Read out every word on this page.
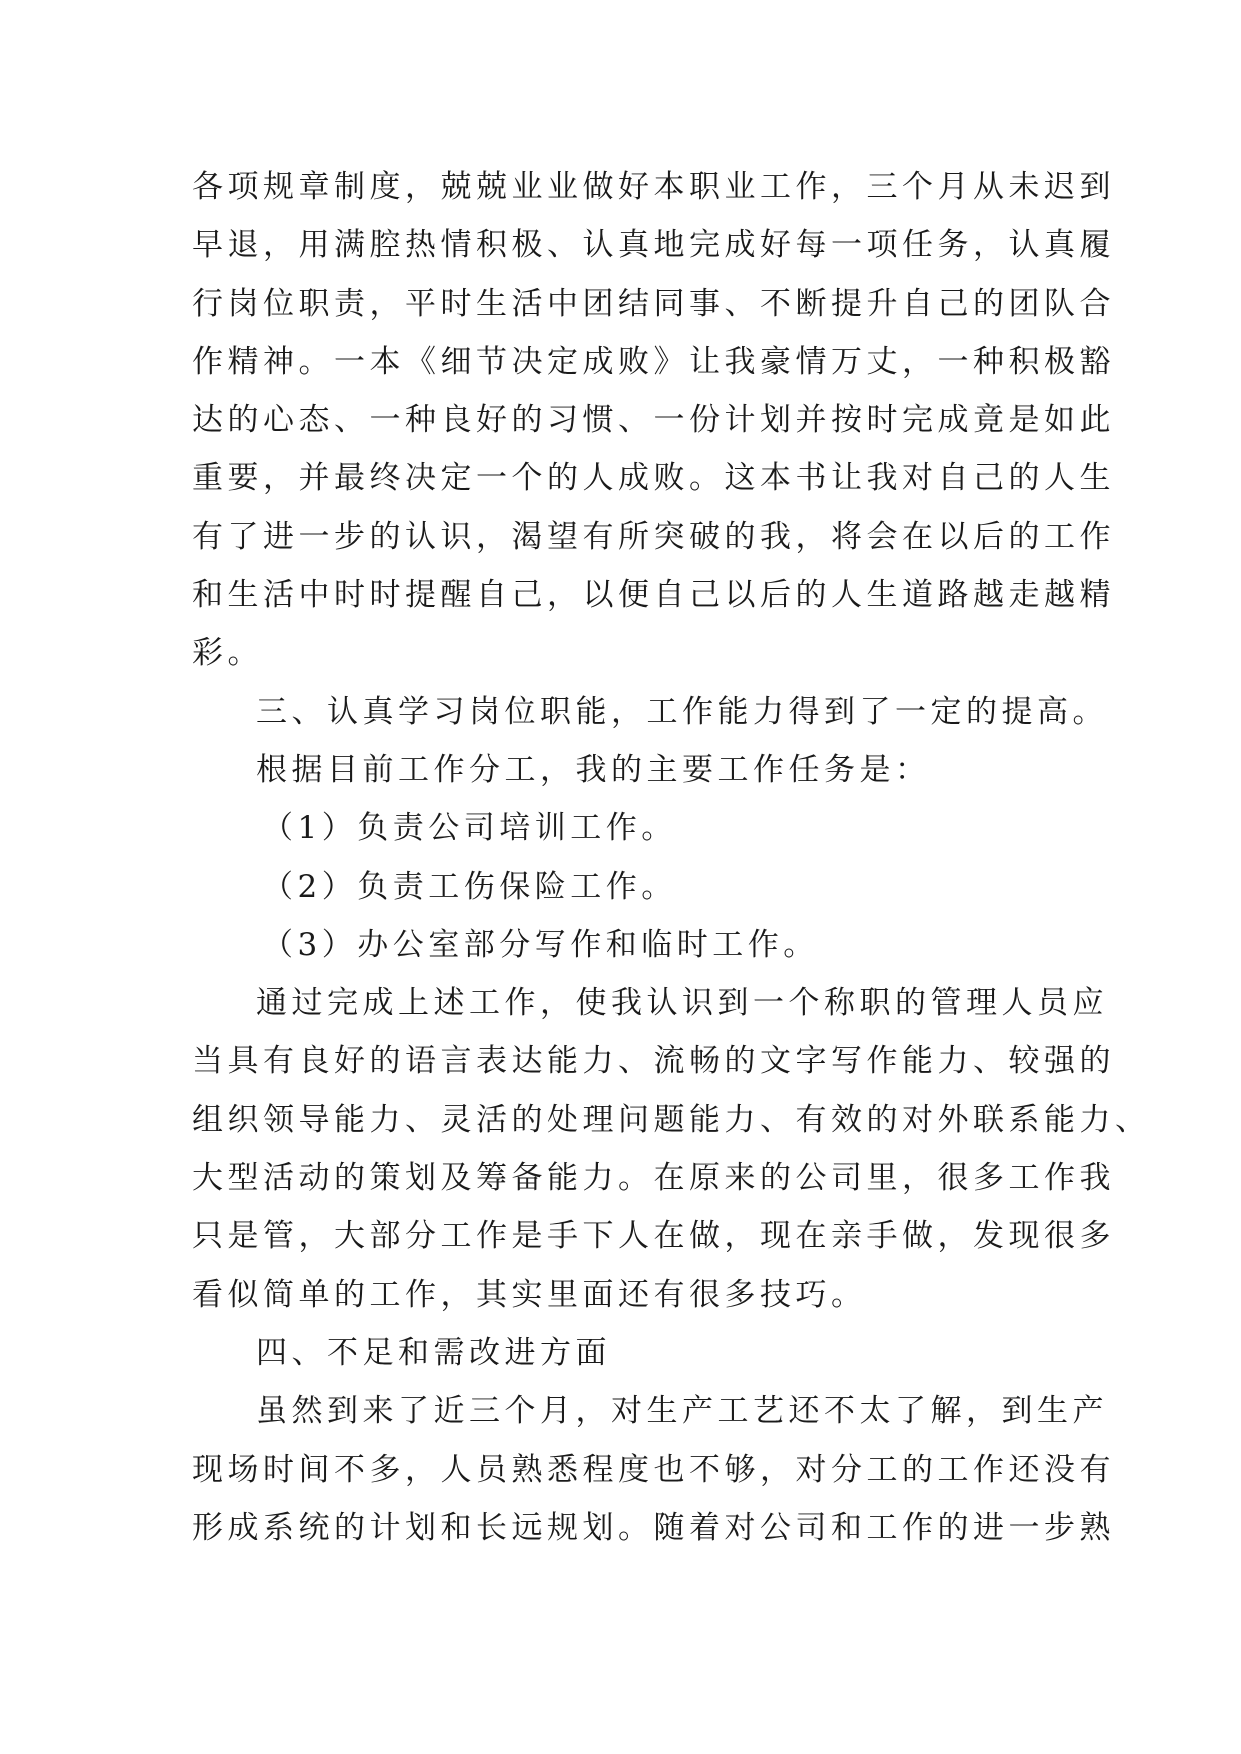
各项规章制度，兢兢业业做好本职业工作，三个月从未迟到

早退，用满腔热情积极、认真地完成好每一项任务，认真履

行岗位职责，平时生活中团结同事、不断提升自己的团队合

作精神。一本《细节决定成败》让我豪情万丈，一种积极豁

达的心态、一种良好的习惯、一份计划并按时完成竟是如此

重要，并最终决定一个的人成败。这本书让我对自己的人生

有了进一步的认识，渴望有所突破的我，将会在以后的工作

和生活中时时提醒自己，以便自己以后的人生道路越走越精

彩。

三、认真学习岗位职能，工作能力得到了一定的提高。

根据目前工作分工，我的主要工作任务是：

（1）负责公司培训工作。

（2）负责工伤保险工作。

（3）办公室部分写作和临时工作。

通过完成上述工作，使我认识到一个称职的管理人员应

当具有良好的语言表达能力、流畅的文字写作能力、较强的

组织领导能力、灵活的处理问题能力、有效的对外联系能力、

大型活动的策划及筹备能力。在原来的公司里，很多工作我

只是管，大部分工作是手下人在做，现在亲手做，发现很多

看似简单的工作，其实里面还有很多技巧。

四、不足和需改进方面

虽然到来了近三个月，对生产工艺还不太了解，到生产

现场时间不多，人员熟悉程度也不够，对分工的工作还没有

形成系统的计划和长远规划。随着对公司和工作的进一步熟
